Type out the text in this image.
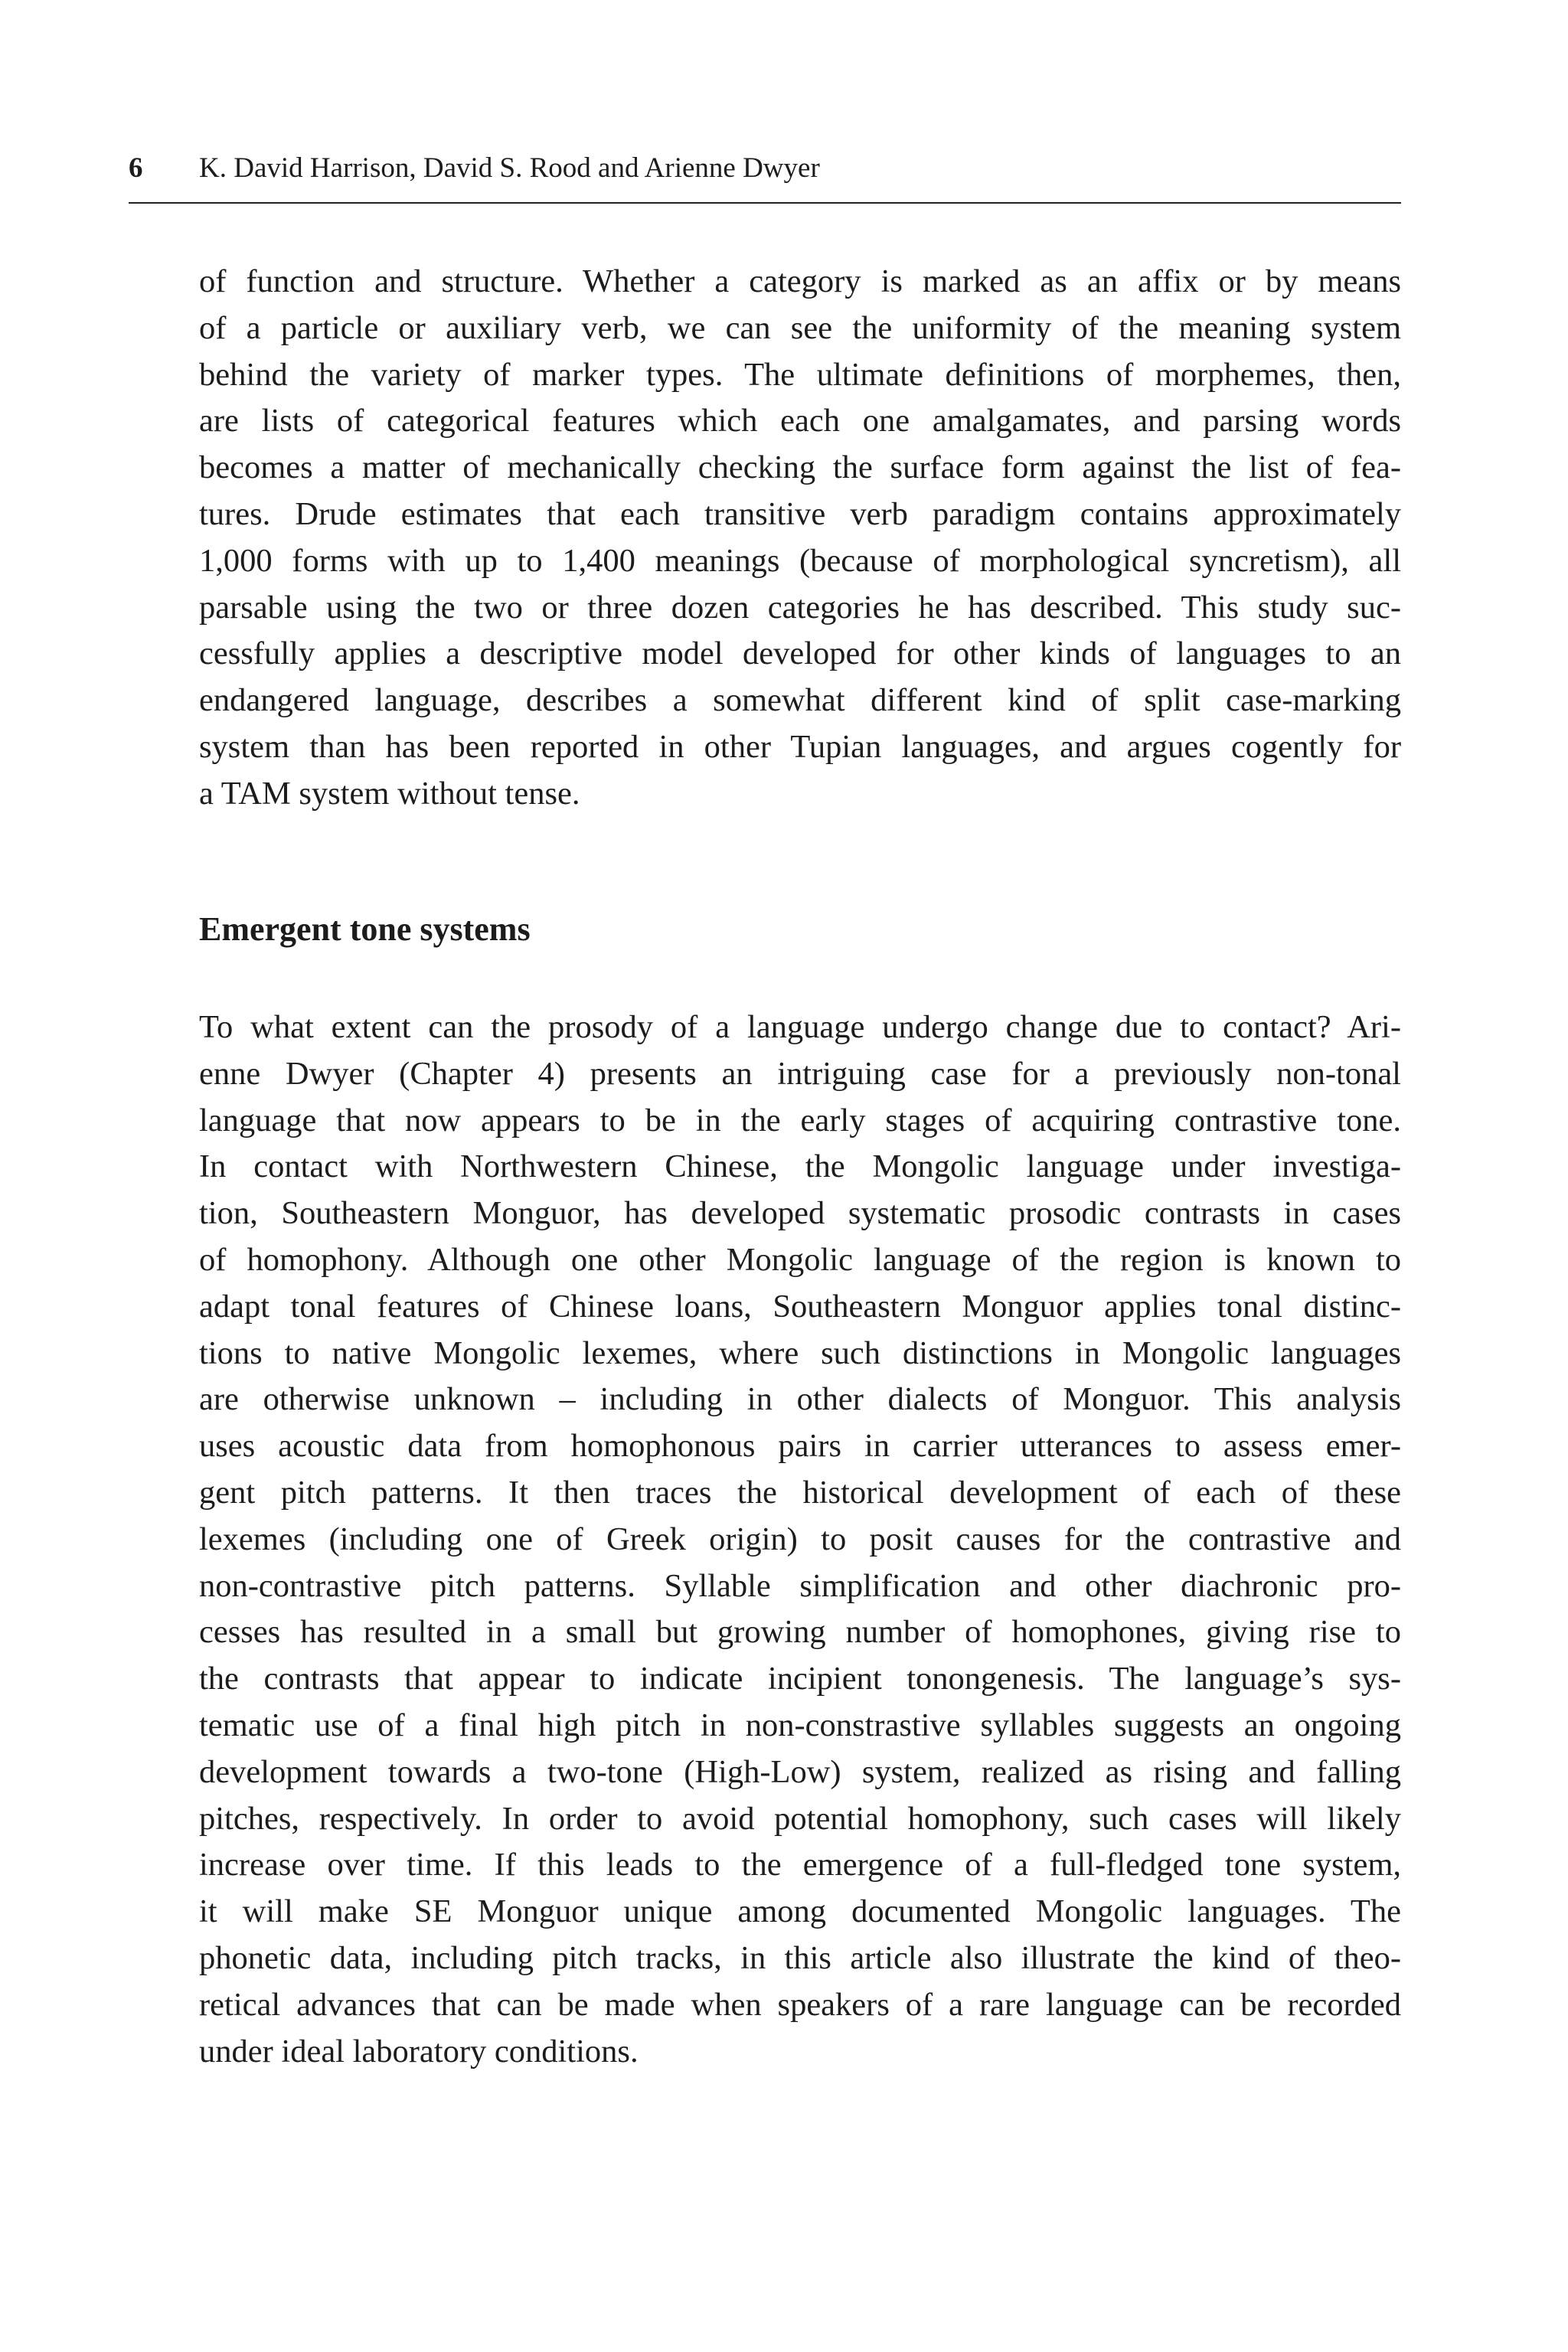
6 K. David Harrison, David S. Rood and Arienne Dwyer

of function and structure. Whether a category is marked as an affix or by means
of a particle or auxiliary verb, we can see the uniformity of the meaning system
behind the variety of marker types. The ultimate definitions of morphemes, then,
are lists of categorical features which each one amalgamates, and parsing words
becomes a matter of mechanically checking the surface form against the list of fea-
tures. Drude estimates that each transitive verb paradigm contains approximately
1,000 forms with up to 1,400 meanings (because of morphological syncretism), all
parsable using the two or three dozen categories he has described. This study suc-
cessfully applies a descriptive model developed for other kinds of languages to an
endangered language, describes a somewhat different kind of split case-marking
system than has been reported in other Tupian languages, and argues cogently for
a TAM system without tense.

Emergent tone systems

To what extent can the prosody of a language undergo change due to contact? Ari-
enne Dwyer (Chapter 4) presents an intriguing case for a previously non-tonal
language that now appears to be in the early stages of acquiring contrastive tone.
In contact with Northwestern Chinese, the Mongolic language under investiga-
tion, Southeastern Monguor, has developed systematic prosodic contrasts in cases
of homophony. Although one other Mongolic language of the region is known to
adapt tonal features of Chinese loans, Southeastern Monguor applies tonal distinc-
tions to native Mongolic lexemes, where such distinctions in Mongolic languages
are otherwise unknown – including in other dialects of Monguor. This analysis
uses acoustic data from homophonous pairs in carrier utterances to assess emer-
gent pitch patterns. It then traces the historical development of each of these
lexemes (including one of Greek origin) to posit causes for the contrastive and
non-contrastive pitch patterns. Syllable simplification and other diachronic pro-
cesses has resulted in a small but growing number of homophones, giving rise to
the contrasts that appear to indicate incipient tonongenesis. The language’s sys-
tematic use of a final high pitch in non-constrastive syllables suggests an ongoing
development towards a two-tone (High-Low) system, realized as rising and falling
pitches, respectively. In order to avoid potential homophony, such cases will likely
increase over time. If this leads to the emergence of a full-fledged tone system,
it will make SE Monguor unique among documented Mongolic languages. The
phonetic data, including pitch tracks, in this article also illustrate the kind of theo-
retical advances that can be made when speakers of a rare language can be recorded
under ideal laboratory conditions.
